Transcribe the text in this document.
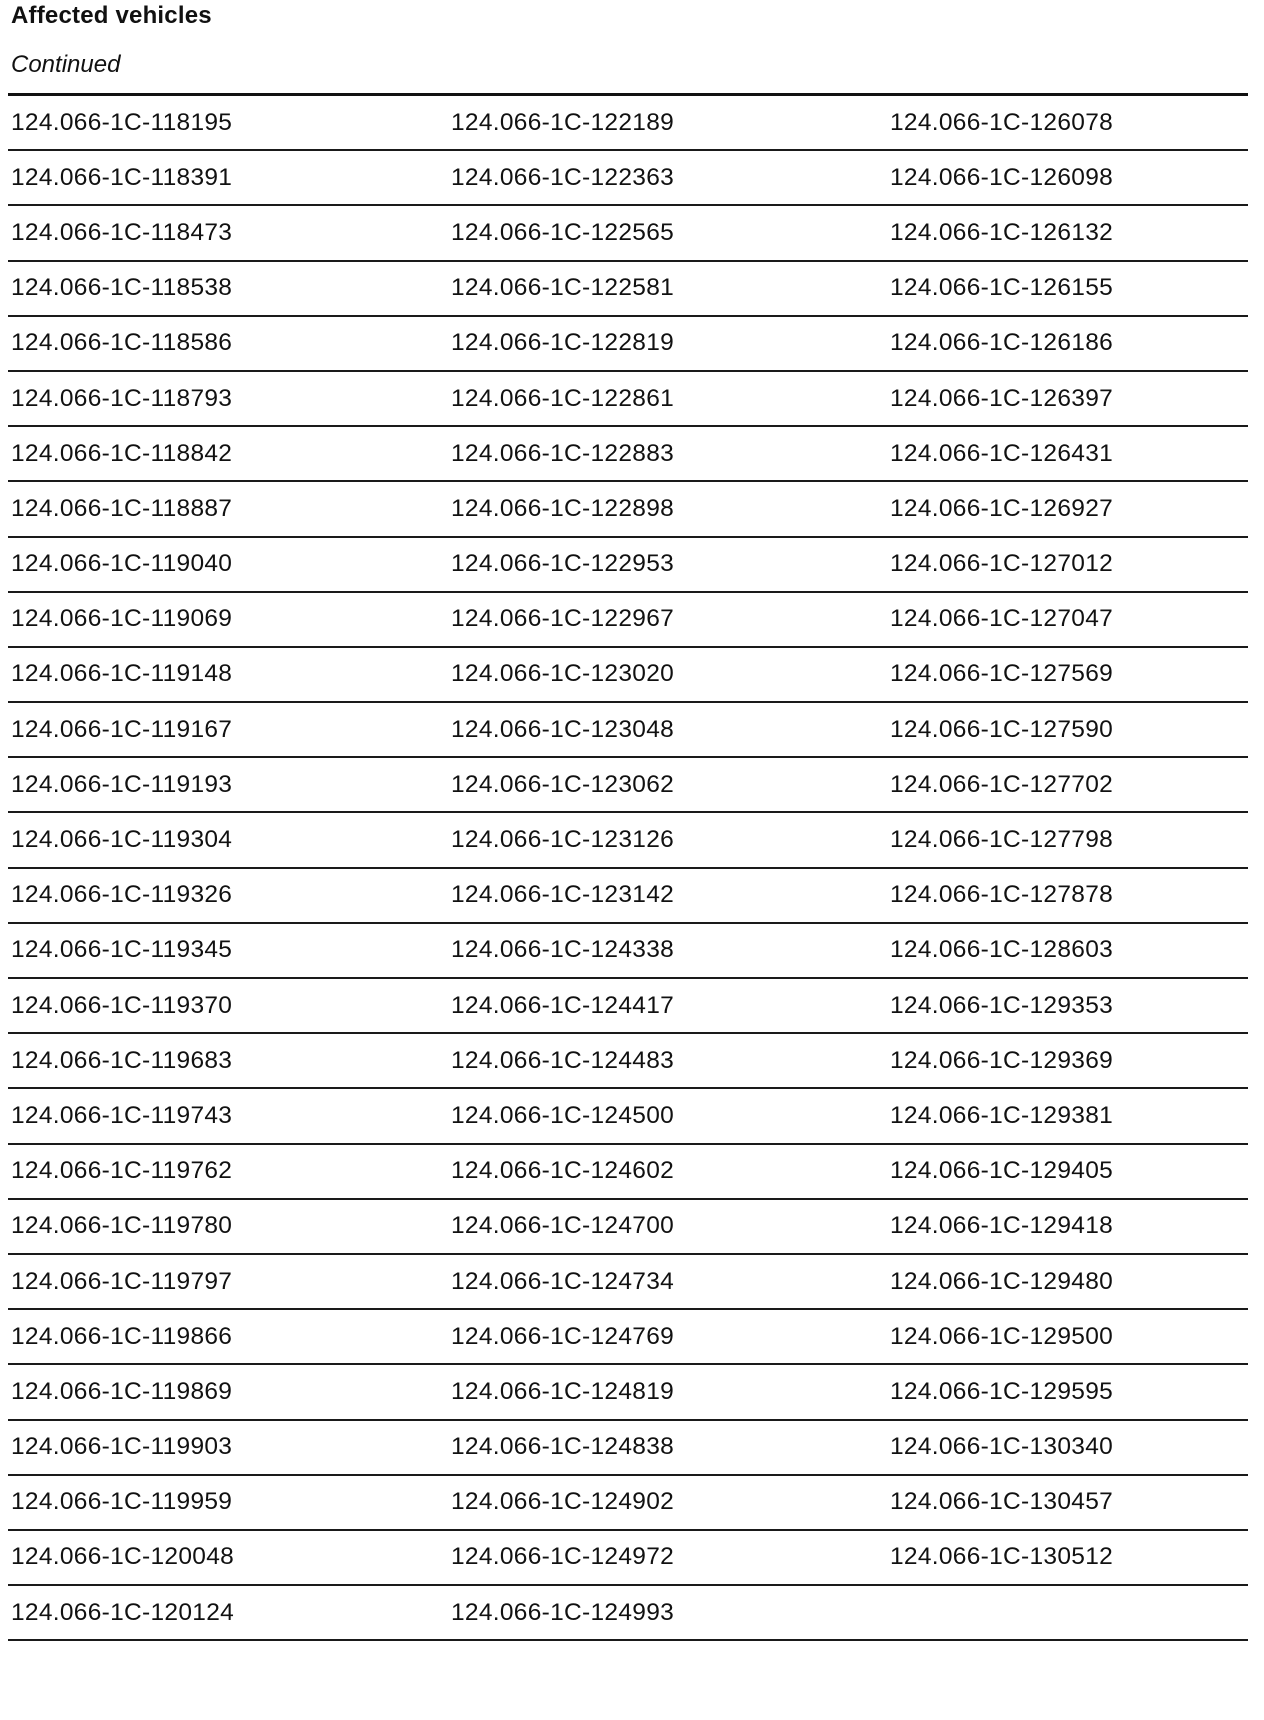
Affected vehicles
Continued
124.066-1C-118195	124.066-1C-122189	124.066-1C-126078
124.066-1C-118391	124.066-1C-122363	124.066-1C-126098
124.066-1C-118473	124.066-1C-122565	124.066-1C-126132
124.066-1C-118538	124.066-1C-122581	124.066-1C-126155
124.066-1C-118586	124.066-1C-122819	124.066-1C-126186
124.066-1C-118793	124.066-1C-122861	124.066-1C-126397
124.066-1C-118842	124.066-1C-122883	124.066-1C-126431
124.066-1C-118887	124.066-1C-122898	124.066-1C-126927
124.066-1C-119040	124.066-1C-122953	124.066-1C-127012
124.066-1C-119069	124.066-1C-122967	124.066-1C-127047
124.066-1C-119148	124.066-1C-123020	124.066-1C-127569
124.066-1C-119167	124.066-1C-123048	124.066-1C-127590
124.066-1C-119193	124.066-1C-123062	124.066-1C-127702
124.066-1C-119304	124.066-1C-123126	124.066-1C-127798
124.066-1C-119326	124.066-1C-123142	124.066-1C-127878
124.066-1C-119345	124.066-1C-124338	124.066-1C-128603
124.066-1C-119370	124.066-1C-124417	124.066-1C-129353
124.066-1C-119683	124.066-1C-124483	124.066-1C-129369
124.066-1C-119743	124.066-1C-124500	124.066-1C-129381
124.066-1C-119762	124.066-1C-124602	124.066-1C-129405
124.066-1C-119780	124.066-1C-124700	124.066-1C-129418
124.066-1C-119797	124.066-1C-124734	124.066-1C-129480
124.066-1C-119866	124.066-1C-124769	124.066-1C-129500
124.066-1C-119869	124.066-1C-124819	124.066-1C-129595
124.066-1C-119903	124.066-1C-124838	124.066-1C-130340
124.066-1C-119959	124.066-1C-124902	124.066-1C-130457
124.066-1C-120048	124.066-1C-124972	124.066-1C-130512
124.066-1C-120124	124.066-1C-124993
